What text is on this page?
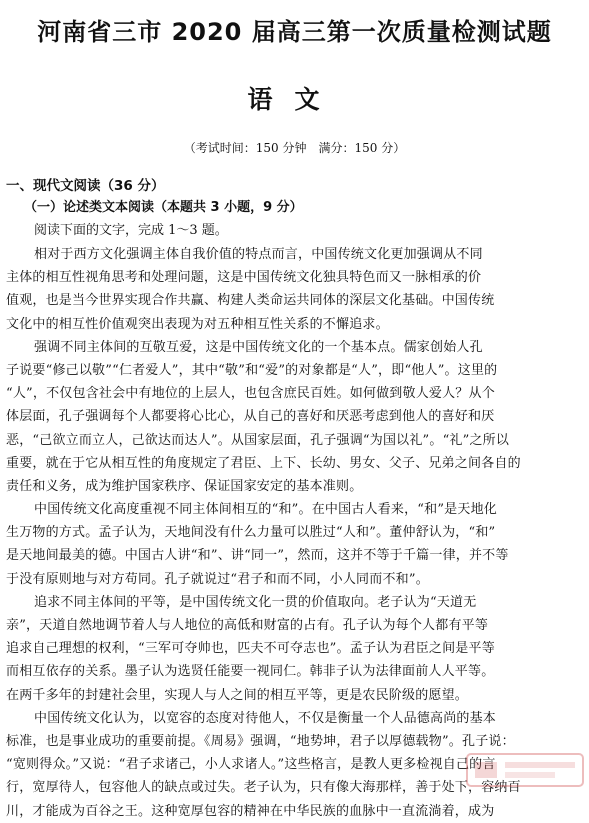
河南省三市 2020 届高三第一次质量检测试题
语文
（考试时间：150 分钟　满分：150 分）
一、现代文阅读（36 分）
（一）论述类文本阅读（本题共 3 小题，9 分）
阅读下面的文字，完成 1～3 题。
相对于西方文化强调主体自我价值的特点而言，中国传统文化更加强调从不同
主体的相互性视角思考和处理问题，这是中国传统文化独具特色而又一脉相承的价
值观，也是当今世界实现合作共赢、构建人类命运共同体的深层文化基础。中国传统
文化中的相互性价值观突出表现为对五种相互性关系的不懈追求。
强调不同主体间的互敬互爱，这是中国传统文化的一个基本点。儒家创始人孔
子说要“修己以敬”“仁者爱人”，其中“敬”和“爱”的对象都是“人”，即“他人”。这里的
“人”，不仅包含社会中有地位的上层人，也包含庶民百姓。如何做到敬人爱人？从个
体层面，孔子强调每个人都要将心比心，从自己的喜好和厌恶考虑到他人的喜好和厌
恶，“己欲立而立人，己欲达而达人”。从国家层面，孔子强调“为国以礼”。“礼”之所以
重要，就在于它从相互性的角度规定了君臣、上下、长幼、男女、父子、兄弟之间各自的
责任和义务，成为维护国家秩序、保证国家安定的基本准则。
中国传统文化高度重视不同主体间相互的“和”。在中国古人看来，“和”是天地化
生万物的方式。孟子认为，天地间没有什么力量可以胜过“人和”。董仲舒认为，“和”
是天地间最美的德。中国古人讲“和”、讲“同一”，然而，这并不等于千篇一律，并不等
于没有原则地与对方苟同。孔子就说过“君子和而不同，小人同而不和”。
追求不同主体间的平等，是中国传统文化一贯的价值取向。老子认为“天道无
亲”，天道自然地调节着人与人地位的高低和财富的占有。孔子认为每个人都有平等
追求自己理想的权利，“三军可夺帅也，匹夫不可夺志也”。孟子认为君臣之间是平等
而相互依存的关系。墨子认为选贤任能要一视同仁。韩非子认为法律面前人人平等。
在两千多年的封建社会里，实现人与人之间的相互平等，更是农民阶级的愿望。
中国传统文化认为，以宽容的态度对待他人，不仅是衡量一个人品德高尚的基本
标准，也是事业成功的重要前提。《周易》强调，“地势坤，君子以厚德载物”。孔子说：
“宽则得众。”又说：“君子求诸己，小人求诸人。”这些格言，是教人更多检视自己的言
行，宽厚待人，包容他人的缺点或过失。老子认为，只有像大海那样，善于处下，容纳百
川，才能成为百谷之王。这种宽厚包容的精神在中华民族的血脉中一直流淌着，成为
